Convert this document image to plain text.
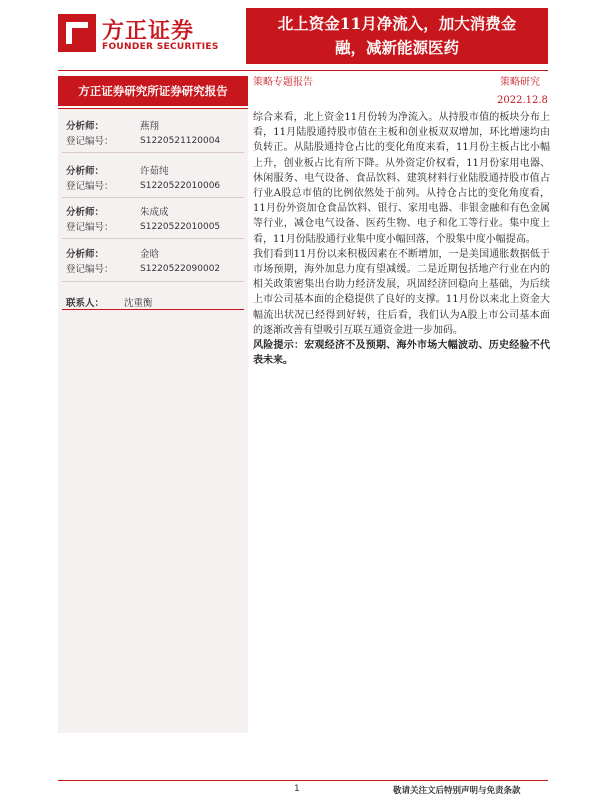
方正证券
FOUNDER SECURITIES
北上资金11月净流入，加大消费金
融，减新能源医药
方正证券研究所证券研究报告
策略专题报告	策略研究
2022.12.8
分析师：	燕翔
登记编号：	S1220521120004
分析师：	许茹纯
登记编号：	S1220522010006
分析师：	朱成成
登记编号：	S1220522010005
分析师：	金晗
登记编号：	S1220522090002
联系人： 沈重衡

综合来看，北上资金11月份转为净流入。从持股市值的板块分布上看，11月陆股通持股市值在主板和创业板双双增加，环比增速均由负转正。从陆股通持仓占比的变化角度来看，11月份主板占比小幅上升，创业板占比有所下降。从外资定价权看，11月份家用电器、休闲服务、电气设备、食品饮料、建筑材料行业陆股通持股市值占行业A股总市值的比例依然处于前列。从持仓占比的变化角度看，11月份外资加仓食品饮料、银行、家用电器、非银金融和有色金属等行业，减仓电气设备、医药生物、电子和化工等行业。集中度上看，11月份陆股通行业集中度小幅回落，个股集中度小幅提高。

我们看到11月份以来积极因素在不断增加，一是美国通胀数据低于市场预期，海外加息力度有望减缓。二是近期包括地产行业在内的相关政策密集出台助力经济发展，巩固经济回稳向上基础，为后续上市公司基本面的企稳提供了良好的支撑。11月份以来北上资金大幅流出状况已经得到好转，往后看，我们认为A股上市公司基本面的逐渐改善有望吸引互联互通资金进一步加码。

风险提示：宏观经济不及预期、海外市场大幅波动、历史经验不代表未来。

1	敬请关注文后特别声明与免责条款
